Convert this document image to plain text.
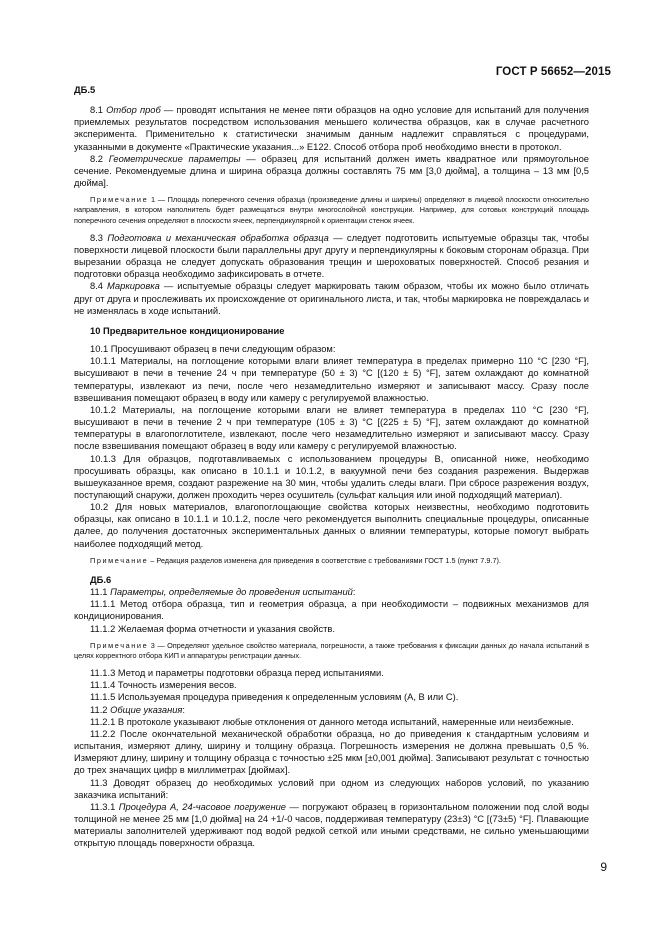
ГОСТ Р 56652—2015

ДБ.5

8.1 Отбор проб — проводят испытания не менее пяти образцов на одно условие для испытаний для получения приемлемых результатов посредством использования меньшего количества образцов, как в случае расчетного эксперимента. Применительно к статистически значимым данным надлежит справляться с процедурами, указанными в документе «Практические указания...» Е122. Способ отбора проб необходимо внести в протокол.

8.2 Геометрические параметры — образец для испытаний должен иметь квадратное или прямоугольное сечение. Рекомендуемые длина и ширина образца должны составлять 75 мм [3,0 дюйма], а толщина – 13 мм [0,5 дюйма].

Примечание 1 — Площадь поперечного сечения образца (произведение длины и ширины) определяют в лицевой плоскости относительно направления, в котором наполнитель будет размещаться внутри многослойной конструкции. Например, для сотовых конструкций площадь поперечного сечения определяют в плоскости ячеек, перпендикулярной к ориентации стенок ячеек.

8.3 Подготовка и механическая обработка образца — следует подготовить испытуемые образцы так, чтобы поверхности лицевой плоскости были параллельны друг другу и перпендикулярны к боковым сторонам образца. При вырезании образца не следует допускать образования трещин и шероховатых поверхностей. Способ резания и подготовки образца необходимо зафиксировать в отчете.

8.4 Маркировка — испытуемые образцы следует маркировать таким образом, чтобы их можно было отличать друг от друга и прослеживать их происхождение от оригинального листа, и так, чтобы маркировка не повреждалась и не изменялась в ходе испытаний.

10 Предварительное кондиционирование

10.1 Просушивают образец в печи следующим образом:

10.1.1 Материалы, на поглощение которыми влаги влияет температура в пределах примерно 110 °С [230 °F], высушивают в печи в течение 24 ч при температуре (50 ± 3) °С [(120 ± 5) °F], затем охлаждают до комнатной температуры, извлекают из печи, после чего незамедлительно измеряют и записывают массу. Сразу после взвешивания помещают образец в воду или камеру с регулируемой влажностью.

10.1.2 Материалы, на поглощение которыми влаги не влияет температура в пределах 110 °С [230 °F], высушивают в печи в течение 2 ч при температуре (105 ± 3) °С [(225 ± 5) °F], затем охлаждают до комнатной температуры в влагопоглотителе, извлекают, после чего незамедлительно измеряют и записывают массу. Сразу после взвешивания помещают образец в воду или камеру с регулируемой влажностью.

10.1.3 Для образцов, подготавливаемых с использованием процедуры В, описанной ниже, необходимо просушивать образцы, как описано в 10.1.1 и 10.1.2, в вакуумной печи без создания разрежения. Выдержав вышеуказанное время, создают разрежение на 30 мин, чтобы удалить следы влаги. При сбросе разрежения воздух, поступающий снаружи, должен проходить через осушитель (сульфат кальция или иной подходящий материал).

10.2 Для новых материалов, влагопоглощающие свойства которых неизвестны, необходимо подготовить образцы, как описано в 10.1.1 и 10.1.2, после чего рекомендуется выполнить специальные процедуры, описанные далее, до получения достаточных экспериментальных данных о влиянии температуры, которые помогут выбрать наиболее подходящий метод.

Примечание – Редакция разделов изменена для приведения в соответствие с требованиями ГОСТ 1.5 (пункт 7.9.7).

ДБ.6

11.1 Параметры, определяемые до проведения испытаний:

11.1.1 Метод отбора образца, тип и геометрия образца, а при необходимости – подвижных механизмов для кондиционирования.

11.1.2 Желаемая форма отчетности и указания свойств.

Примечание 3 — Определяют удельное свойство материала, погрешности, а также требования к фиксации данных до начала испытаний в целях корректного отбора КИП и аппаратуры регистрации данных.

11.1.3 Метод и параметры подготовки образца перед испытаниями.

11.1.4 Точность измерения весов.

11.1.5 Используемая процедура приведения к определенным условиям (А, В или С).

11.2 Общие указания:

11.2.1 В протоколе указывают любые отклонения от данного метода испытаний, намеренные или неизбежные.

11.2.2 После окончательной механической обработки образца, но до приведения к стандартным условиям и испытания, измеряют длину, ширину и толщину образца. Погрешность измерения не должна превышать 0,5 %. Измеряют длину, ширину и толщину образца с точностью ±25 мкм [±0,001 дюйма]. Записывают результат с точностью до трех значащих цифр в миллиметрах [дюймах].

11.3 Доводят образец до необходимых условий при одном из следующих наборов условий, по указанию заказчика испытаний:

11.3.1 Процедура А, 24-часовое погружение — погружают образец в горизонтальном положении под слой воды толщиной не менее 25 мм [1,0 дюйма] на 24 +1/-0 часов, поддерживая температуру (23±3) °С [(73±5) °F]. Плавающие материалы заполнителей удерживают под водой редкой сеткой или иными средствами, не сильно уменьшающими открытую площадь поверхности образца.

9
